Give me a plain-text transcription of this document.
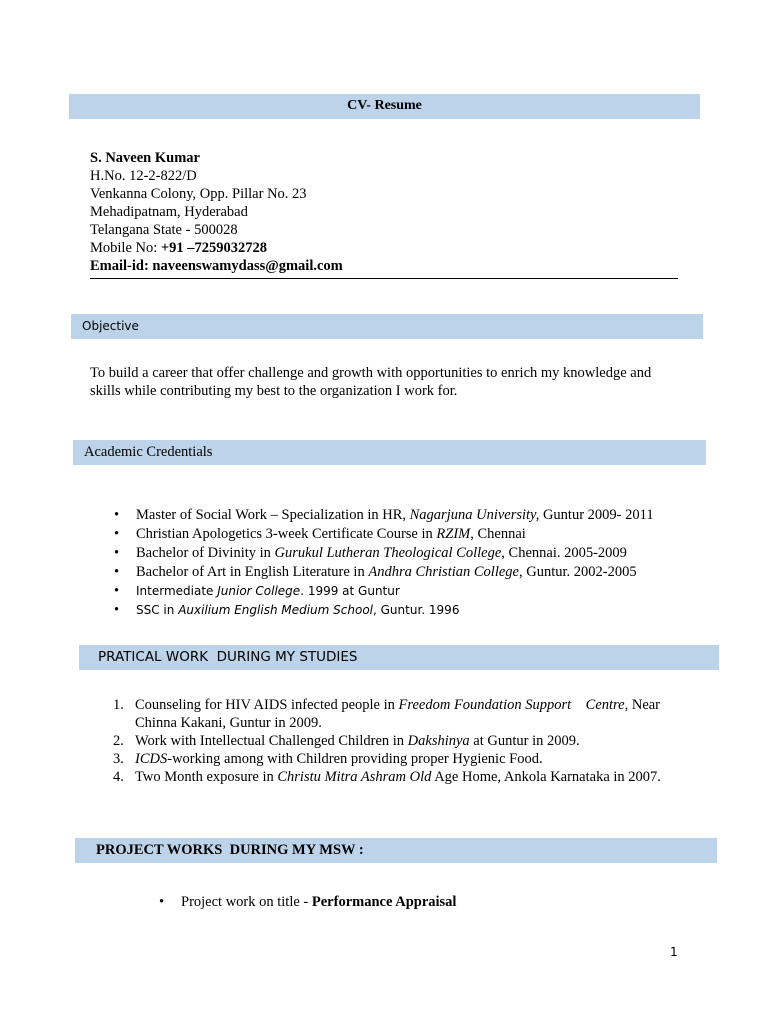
CV- Resume
S. Naveen Kumar
H.No. 12-2-822/D
Venkanna Colony, Opp. Pillar No. 23
Mehadipatnam, Hyderabad
Telangana State - 500028
Mobile No: +91 –7259032728
Email-id: naveenswamydass@gmail.com
Objective
To build a career that offer challenge and growth with opportunities to enrich my knowledge and
skills while contributing my best to the organization I work for.
Academic Credentials
•	Master of Social Work – Specialization in HR, Nagarjuna University, Guntur 2009- 2011
•	Christian Apologetics 3-week Certificate Course in RZIM, Chennai
•	Bachelor of Divinity in Gurukul Lutheran Theological College, Chennai. 2005-2009
•	Bachelor of Art in English Literature in Andhra Christian College, Guntur. 2002-2005
•	Intermediate Junior College. 1999 at Guntur
•	SSC in Auxilium English Medium School, Guntur. 1996
PRATICAL WORK  DURING MY STUDIES
1. Counseling for HIV AIDS infected people in Freedom Foundation Support    Centre, Near
Chinna Kakani, Guntur in 2009.
2. Work with Intellectual Challenged Children in Dakshinya at Guntur in 2009.
3. ICDS-working among with Children providing proper Hygienic Food.
4. Two Month exposure in Christu Mitra Ashram Old Age Home, Ankola Karnataka in 2007.
PROJECT WORKS  DURING MY MSW :
•	Project work on title - Performance Appraisal
1
